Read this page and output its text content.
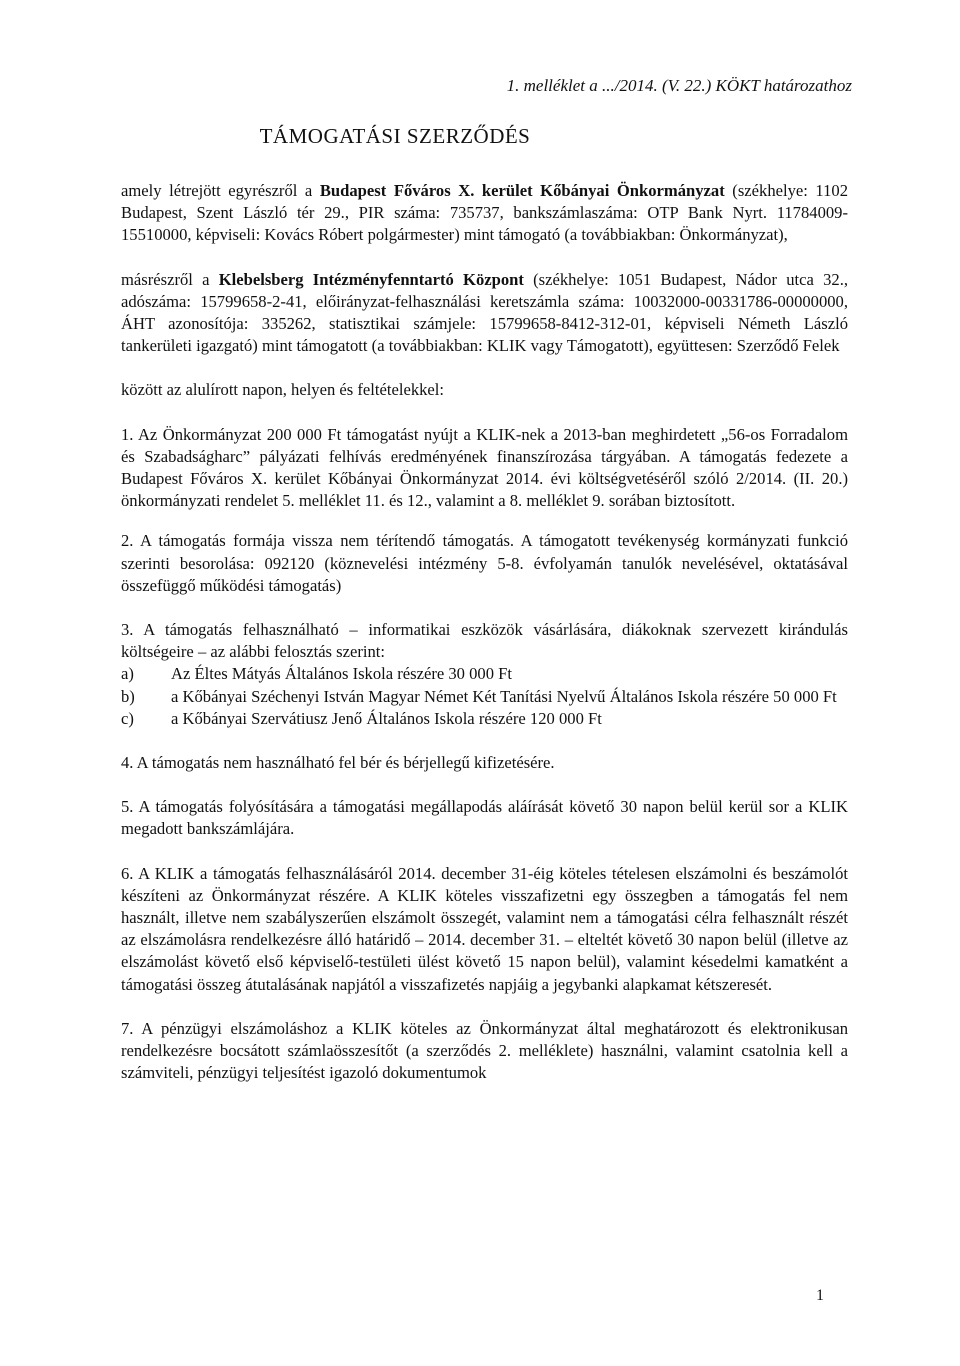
1. melléklet a .../2014. (V. 22.) KÖKT határozathoz
TÁMOGATÁSI SZERZŐDÉS

amely létrejött egyrészről a Budapest Főváros X. kerület Kőbányai Önkormányzat (székhelye: 1102 Budapest, Szent László tér 29., PIR száma: 735737, bankszámlaszáma: OTP Bank Nyrt. 11784009-15510000, képviseli: Kovács Róbert polgármester) mint támogató (a továbbiakban: Önkormányzat),

másrészről a Klebelsberg Intézményfenntartó Központ (székhelye: 1051 Budapest, Nádor utca 32., adószáma: 15799658-2-41, előirányzat-felhasználási keretszámla száma: 10032000-00331786-00000000, ÁHT azonosítója: 335262, statisztikai számjele: 15799658-8412-312-01, képviseli Németh László tankerületi igazgató) mint támogatott (a továbbiakban: KLIK vagy Támogatott), együttesen: Szerződő Felek

között az alulírott napon, helyen és feltételekkel:

1. Az Önkormányzat 200 000 Ft támogatást nyújt a KLIK-nek a 2013-ban meghirdetett „56-os Forradalom és Szabadságharc” pályázati felhívás eredményének finanszírozása tárgyában. A támogatás fedezete a Budapest Főváros X. kerület Kőbányai Önkormányzat 2014. évi költségvetéséről szóló 2/2014. (II. 20.) önkormányzati rendelet 5. melléklet 11. és 12., valamint a 8. melléklet 9. sorában biztosított.

2. A támogatás formája vissza nem térítendő támogatás. A támogatott tevékenység kormányzati funkció szerinti besorolása: 092120 (köznevelési intézmény 5-8. évfolyamán tanulók nevelésével, oktatásával összefüggő működési támogatás)

3. A támogatás felhasználható – informatikai eszközök vásárlására, diákoknak szervezett kirándulás költségeire – az alábbi felosztás szerint:

a) Az Éltes Mátyás Általános Iskola részére 30 000 Ft
b) a Kőbányai Széchenyi István Magyar Német Két Tanítási Nyelvű Általános Iskola részére 50 000 Ft
c) a Kőbányai Szervátiusz Jenő Általános Iskola részére 120 000 Ft

4. A támogatás nem használható fel bér és bérjellegű kifizetésére.

5. A támogatás folyósítására a támogatási megállapodás aláírását követő 30 napon belül kerül sor a KLIK megadott bankszámlájára.

6. A KLIK a támogatás felhasználásáról 2014. december 31-éig köteles tételesen elszámolni és beszámolót készíteni az Önkormányzat részére. A KLIK köteles visszafizetni egy összegben a támogatás fel nem használt, illetve nem szabályszerűen elszámolt összegét, valamint nem a támogatási célra felhasznált részét az elszámolásra rendelkezésre álló határidő – 2014. december 31. – elteltét követő 30 napon belül (illetve az elszámolást követő első képviselő-testületi ülést követő 15 napon belül), valamint késedelmi kamatként a támogatási összeg átutalásának napjától a visszafizetés napjáig a jegybanki alapkamat kétszeresét.

7. A pénzügyi elszámoláshoz a KLIK köteles az Önkormányzat által meghatározott és elektronikusan rendelkezésre bocsátott számlaösszesítőt (a szerződés 2. melléklete) használni, valamint csatolnia kell a számviteli, pénzügyi teljesítést igazoló dokumentumok

1
